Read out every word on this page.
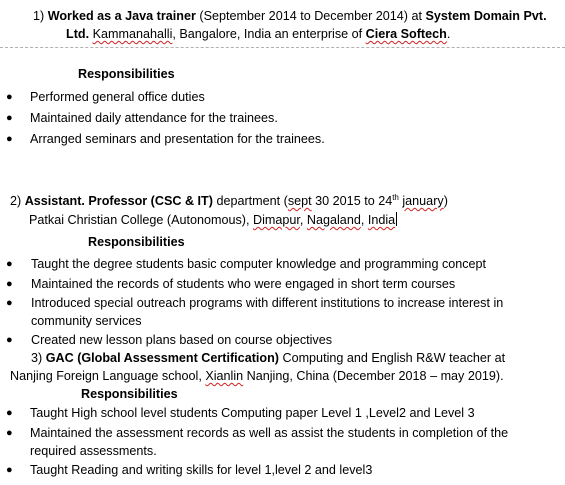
1) Worked as a Java trainer (September 2014 to December 2014) at System Domain Pvt.
Ltd. Kammanahalli, Bangalore, India an enterprise of Ciera Softech.
Responsibilities
● Performed general office duties
● Maintained daily attendance for the trainees.
● Arranged seminars and presentation for the trainees.
2) Assistant. Professor (CSC & IT) department (sept 30 2015 to 24th january)
Patkai Christian College (Autonomous), Dimapur, Nagaland, India
Responsibilities
● Taught the degree students basic computer knowledge and programming concept
● Maintained the records of students who were engaged in short term courses
● Introduced special outreach programs with different institutions to increase interest in
community services
● Created new lesson plans based on course objectives
3) GAC (Global Assessment Certification) Computing and English R&W teacher at
Nanjing Foreign Language school, Xianlin Nanjing, China (December 2018 – may 2019).
Responsibilities
● Taught High school level students Computing paper Level 1 ,Level2 and Level 3
● Maintained the assessment records as well as assist the students in completion of the
required assessments.
● Taught Reading and writing skills for level 1,level 2 and level3
